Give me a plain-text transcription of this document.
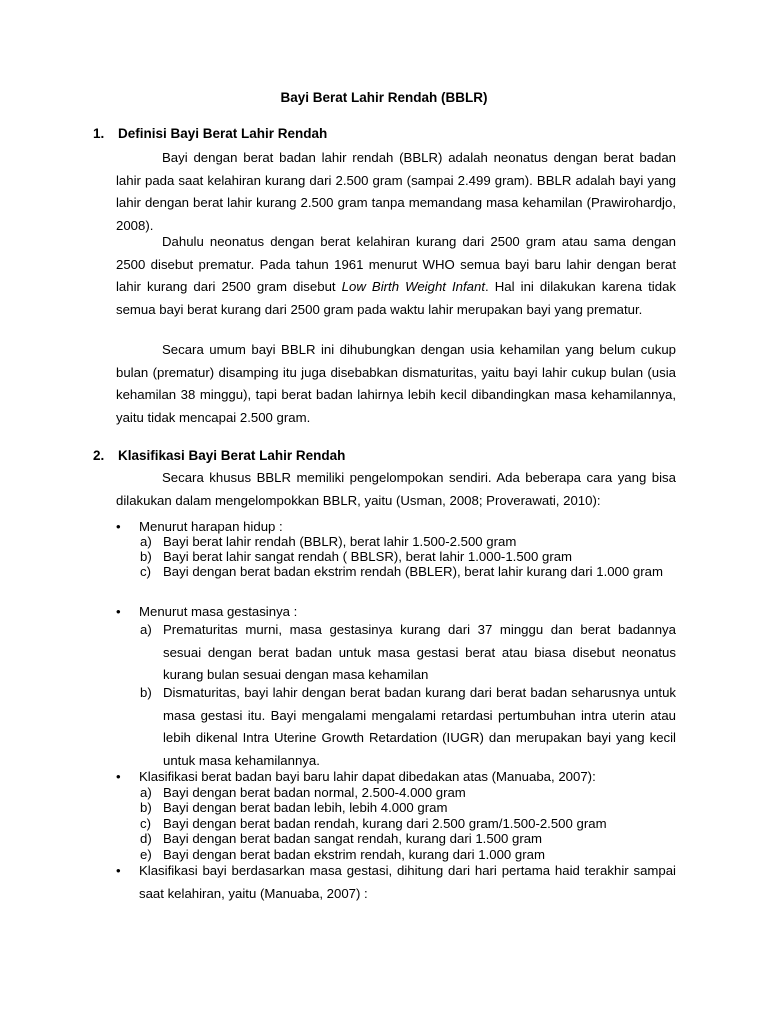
Bayi Berat Lahir Rendah (BBLR)
1. Definisi Bayi Berat Lahir Rendah

Bayi dengan berat badan lahir rendah (BBLR) adalah neonatus dengan berat badan lahir pada saat kelahiran kurang dari 2.500 gram (sampai 2.499 gram). BBLR adalah bayi yang lahir dengan berat lahir kurang 2.500 gram tanpa memandang masa kehamilan (Prawirohardjo, 2008).

Dahulu neonatus dengan berat kelahiran kurang dari 2500 gram atau sama dengan 2500 disebut prematur. Pada tahun 1961 menurut WHO semua bayi baru lahir dengan berat lahir kurang dari 2500 gram disebut Low Birth Weight Infant. Hal ini dilakukan karena tidak semua bayi berat kurang dari 2500 gram pada waktu lahir merupakan bayi yang prematur.

Secara umum bayi BBLR ini dihubungkan dengan usia kehamilan yang belum cukup bulan (prematur) disamping itu juga disebabkan dismaturitas, yaitu bayi lahir cukup bulan (usia kehamilan 38 minggu), tapi berat badan lahirnya lebih kecil dibandingkan masa kehamilannya, yaitu tidak mencapai 2.500 gram.

2. Klasifikasi Bayi Berat Lahir Rendah

Secara khusus BBLR memiliki pengelompokan sendiri. Ada beberapa cara yang bisa dilakukan dalam mengelompokkan BBLR, yaitu (Usman, 2008; Proverawati, 2010):

• Menurut harapan hidup :
a) Bayi berat lahir rendah (BBLR), berat lahir 1.500-2.500 gram
b) Bayi berat lahir sangat rendah ( BBLSR), berat lahir 1.000-1.500 gram
c) Bayi dengan berat badan ekstrim rendah (BBLER), berat lahir kurang dari 1.000 gram
• Menurut masa gestasinya :
a) Prematuritas murni, masa gestasinya kurang dari 37 minggu dan berat badannya sesuai dengan berat badan untuk masa gestasi berat atau biasa disebut neonatus kurang bulan sesuai dengan masa kehamilan
b) Dismaturitas, bayi lahir dengan berat badan kurang dari berat badan seharusnya untuk masa gestasi itu. Bayi mengalami mengalami retardasi pertumbuhan intra uterin atau lebih dikenal Intra Uterine Growth Retardation (IUGR) dan merupakan bayi yang kecil untuk masa kehamilannya.
• Klasifikasi berat badan bayi baru lahir dapat dibedakan atas (Manuaba, 2007):
a) Bayi dengan berat badan normal, 2.500-4.000 gram
b) Bayi dengan berat badan lebih, lebih 4.000 gram
c) Bayi dengan berat badan rendah, kurang dari 2.500 gram/1.500-2.500 gram
d) Bayi dengan berat badan sangat rendah, kurang dari 1.500 gram
e) Bayi dengan berat badan ekstrim rendah, kurang dari 1.000 gram
• Klasifikasi bayi berdasarkan masa gestasi, dihitung dari hari pertama haid terakhir sampai saat kelahiran, yaitu (Manuaba, 2007) :
